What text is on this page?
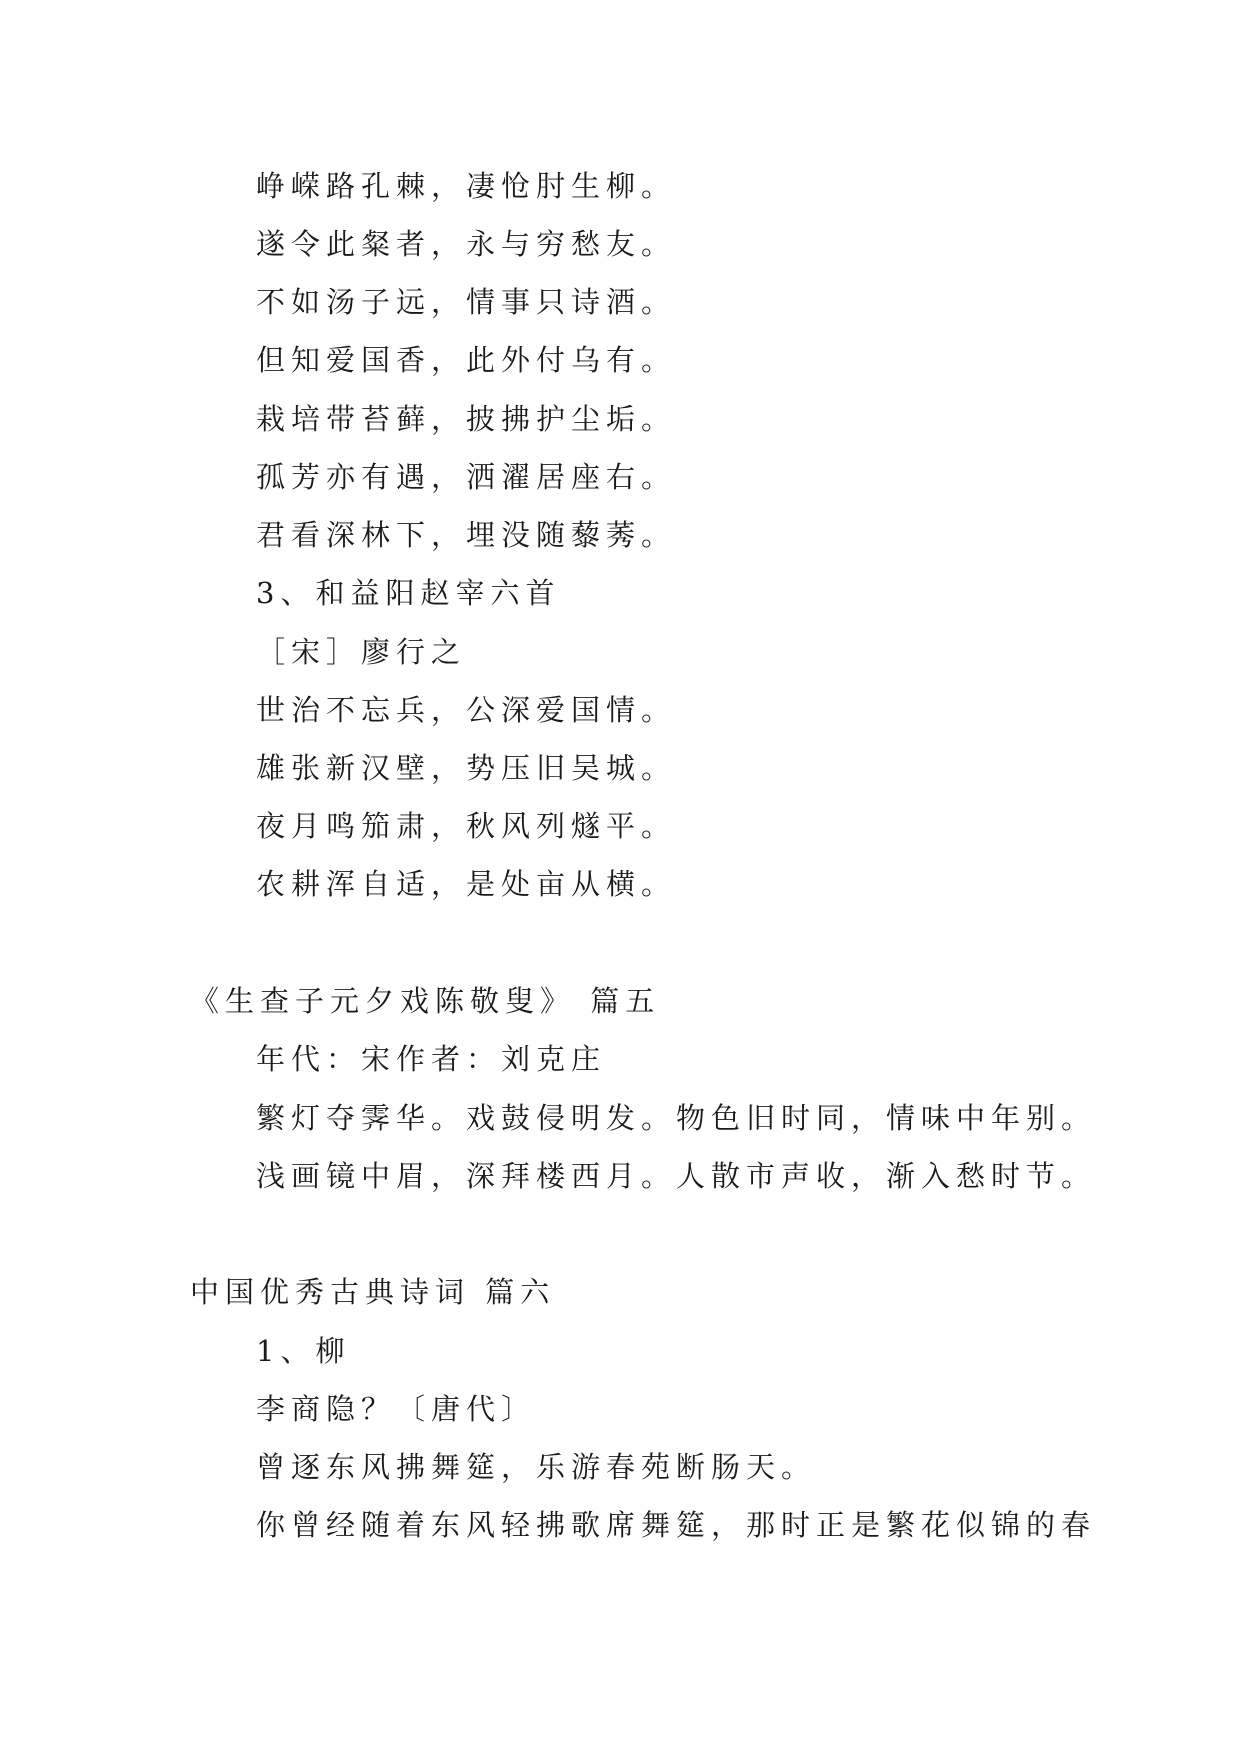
峥嵘路孔棘，凄怆肘生柳。
遂令此粲者，永与穷愁友。
不如汤子远，情事只诗酒。
但知爱国香，此外付乌有。
栽培带苔藓，披拂护尘垢。
孤芳亦有遇，洒濯居座右。
君看深林下，埋没随藜莠。
3、和益阳赵宰六首
［宋］廖行之
世治不忘兵，公深爱国情。
雄张新汉壁，势压旧吴城。
夜月鸣笳肃，秋风列燧平。
农耕浑自适，是处亩从横。
《生查子元夕戏陈敬叟》 篇五
年代：宋作者：刘克庄
繁灯夺霁华。戏鼓侵明发。物色旧时同，情味中年别。
浅画镜中眉，深拜楼西月。人散市声收，渐入愁时节。
中国优秀古典诗词 篇六
1、柳
李商隐？〔唐代〕
曾逐东风拂舞筵，乐游春苑断肠天。
你曾经随着东风轻拂歌席舞筵，那时正是繁花似锦的春
